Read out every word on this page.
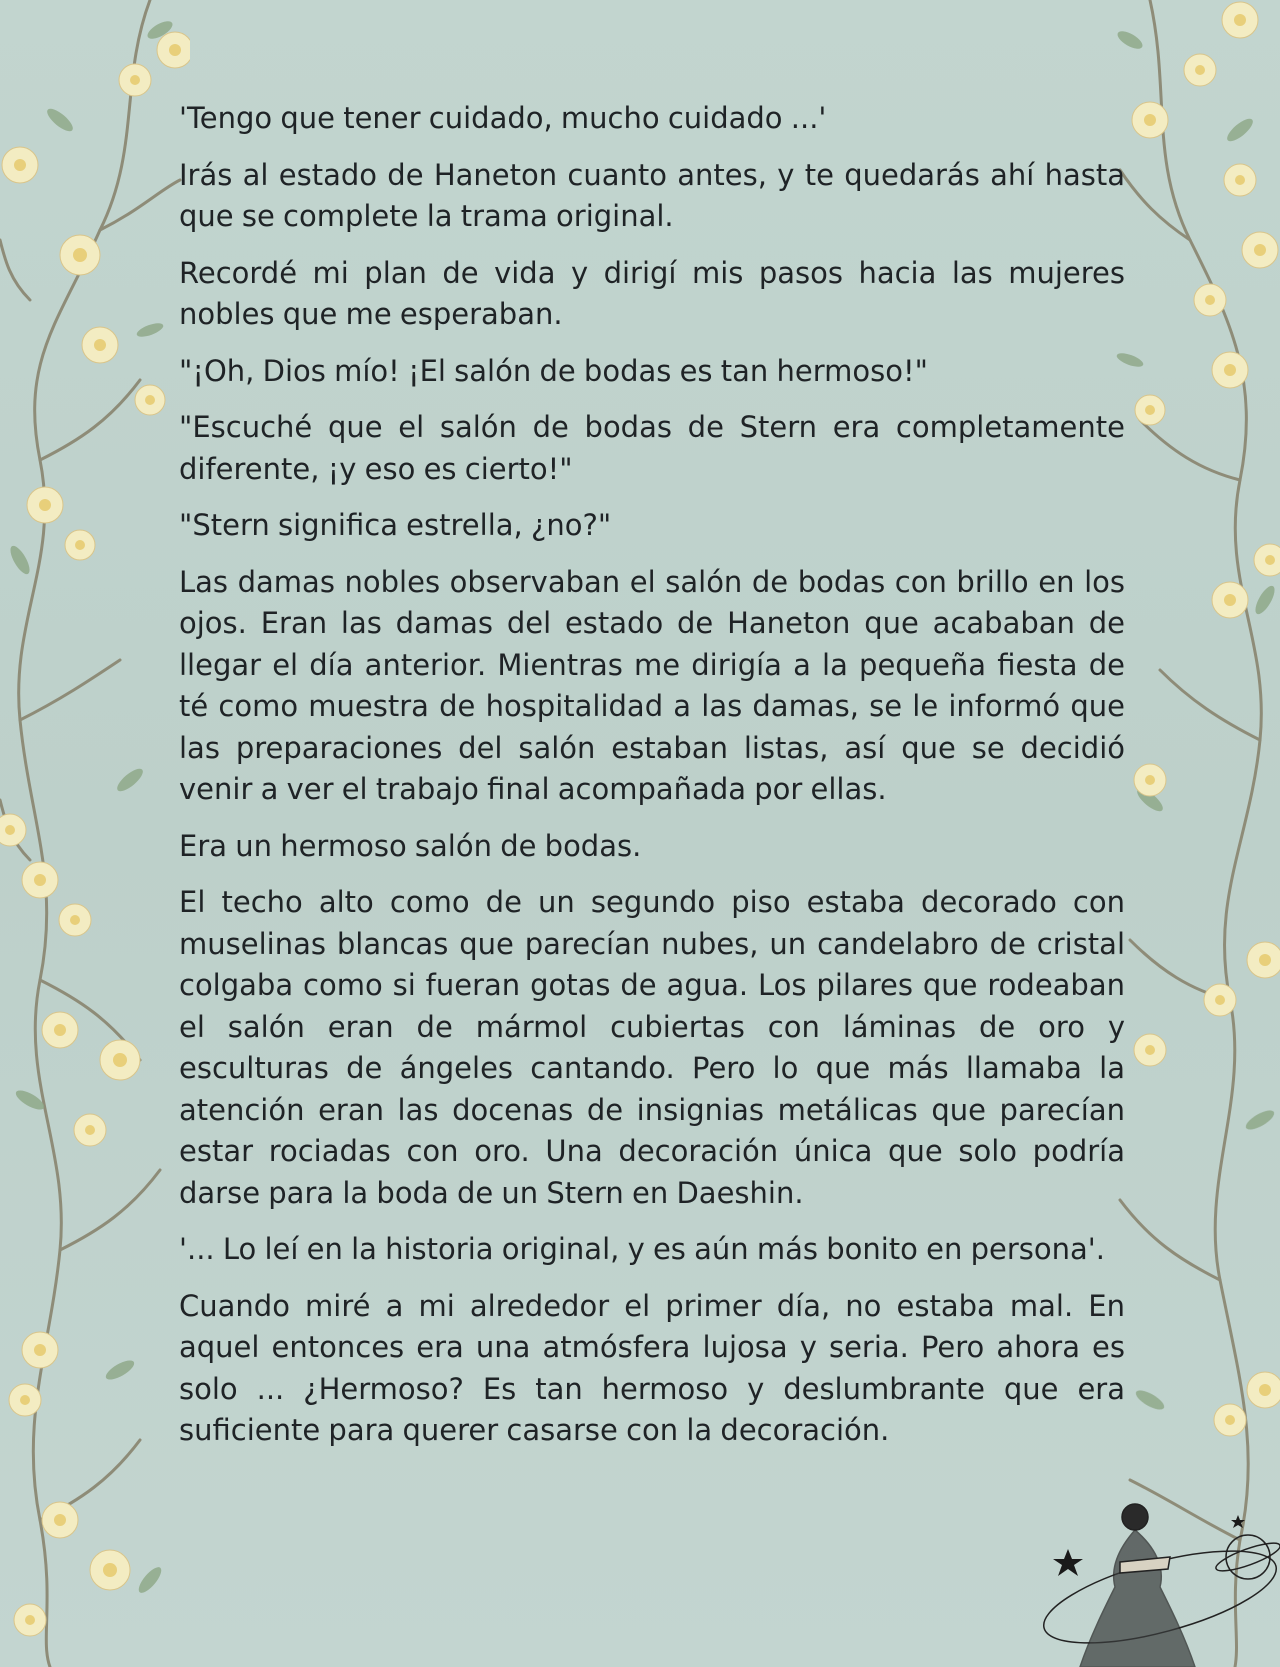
'Tengo que tener cuidado, mucho cuidado ...'

Irás al estado de Haneton cuanto antes, y te quedarás ahí hasta que se complete la trama original.

Recordé mi plan de vida y dirigí mis pasos hacia las mujeres nobles que me esperaban.

"¡Oh, Dios mío! ¡El salón de bodas es tan hermoso!"

"Escuché que el salón de bodas de Stern era completamente diferente, ¡y eso es cierto!"

"Stern significa estrella, ¿no?"

Las damas nobles observaban el salón de bodas con brillo en los ojos. Eran las damas del estado de Haneton que acababan de llegar el día anterior. Mientras me dirigía a la pequeña fiesta de té como muestra de hospitalidad a las damas, se le informó que las preparaciones del salón estaban listas, así que se decidió venir a ver el trabajo final acompañada por ellas.

Era un hermoso salón de bodas.

El techo alto como de un segundo piso estaba decorado con muselinas blancas que parecían nubes, un candelabro de cristal colgaba como si fueran gotas de agua. Los pilares que rodeaban el salón eran de mármol cubiertas con láminas de oro y esculturas de ángeles cantando. Pero lo que más llamaba la atención eran las docenas de insignias metálicas que parecían estar rociadas con oro. Una decoración única que solo podría darse para la boda de un Stern en Daeshin.

'... Lo leí en la historia original, y es aún más bonito en persona'.

Cuando miré a mi alrededor el primer día, no estaba mal. En aquel entonces era una atmósfera lujosa y seria. Pero ahora es solo ... ¿Hermoso? Es tan hermoso y deslumbrante que era suficiente para querer casarse con la decoración.
